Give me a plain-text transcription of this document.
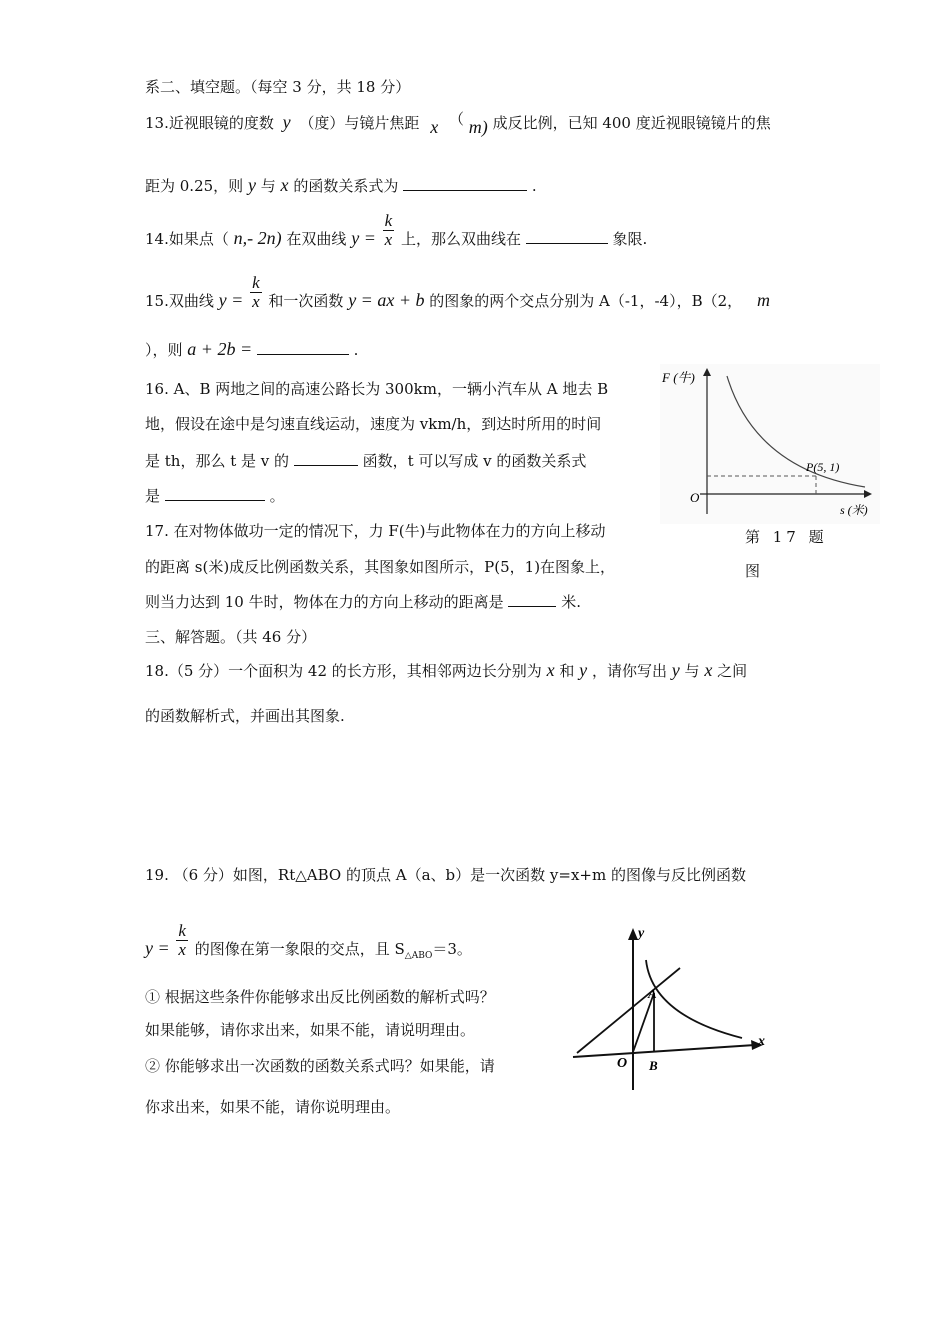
系二、填空题。（每空 3 分，共 18 分）
13.近视眼镜的度数 y （度）与镜片焦距 x （ m) 成反比例，已知 400 度近视眼镜镜片的焦
距为 0.25，则 y 与 x 的函数关系式为	.
14.如果点（ n,- 2n) 在双曲线 $y = \frac{k}{x}$ 上，那么双曲线在	象限.
15.双曲线 $y = \frac{k}{x}$ 和一次函数 y = ax + b 的图象的两个交点分别为 A（-1，-4），B（2， m
），则 a + 2b =	.
16. A、B 两地之间的高速公路长为 300km，一辆小汽车从 A 地去 B
地，假设在途中是匀速直线运动，速度为 vkm/h，到达时所用的时间
是 th，那么 t 是 v 的	函数，t 可以写成 v 的函数关系式
是	。
F (牛)
O
s (米)
P(5, 1)
第 17 题
图
17. 在对物体做功一定的情况下，力 F(牛)与此物体在力的方向上移动
的距离 s(米)成反比例函数关系，其图象如图所示，P(5，1)在图象上，
则当力达到 10 牛时，物体在力的方向上移动的距离是	米.
三、解答题。（共 46 分）
18.（5 分）一个面积为 42 的长方形，其相邻两边长分别为 x 和 y ，请你写出 y 与 x 之间
的函数解析式，并画出其图象.
19. （6 分）如图，Rt△ABO 的顶点 A（a、b）是一次函数 y=x+m 的图像与反比例函数
$y = \frac{k}{x}$ 的图像在第一象限的交点，且 $S_{\triangle ABO}=3$。
① 根据这些条件你能够求出反比例函数的解析式吗？
如果能够，请你求出来，如果不能，请说明理由。
② 你能够求出一次函数的函数关系式吗？如果能，请
你求出来，如果不能，请你说明理由。
y
x
O
A
B
